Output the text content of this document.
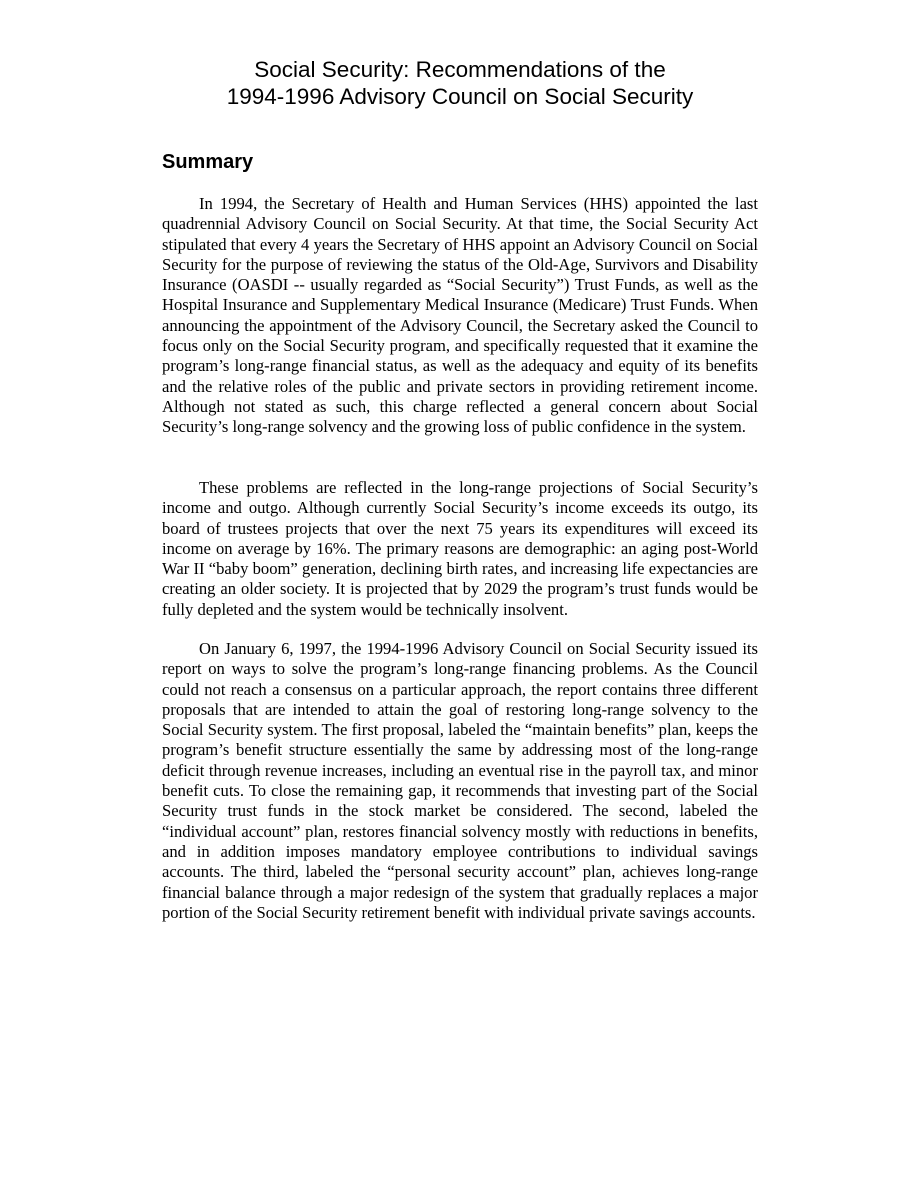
Social Security: Recommendations of the
1994-1996 Advisory Council on Social Security
Summary

In 1994, the Secretary of Health and Human Services (HHS) appointed the last quadrennial Advisory Council on Social Security. At that time, the Social Security Act stipulated that every 4 years the Secretary of HHS appoint an Advisory Council on Social Security for the purpose of reviewing the status of the Old-Age, Survivors and Disability Insurance (OASDI -- usually regarded as “Social Security”) Trust Funds, as well as the Hospital Insurance and Supplementary Medical Insurance (Medicare) Trust Funds. When announcing the appointment of the Advisory Council, the Secretary asked the Council to focus only on the Social Security program, and specifically requested that it examine the program’s long-range financial status, as well as the adequacy and equity of its benefits and the relative roles of the public and private sectors in providing retirement income. Although not stated as such, this charge reflected a general concern about Social Security’s long-range solvency and the growing loss of public confidence in the system.

These problems are reflected in the long-range projections of Social Security’s income and outgo. Although currently Social Security’s income exceeds its outgo, its board of trustees projects that over the next 75 years its expenditures will exceed its income on average by 16%. The primary reasons are demographic: an aging post-World War II “baby boom” generation, declining birth rates, and increasing life expectancies are creating an older society. It is projected that by 2029 the program’s trust funds would be fully depleted and the system would be technically insolvent.

On January 6, 1997, the 1994-1996 Advisory Council on Social Security issued its report on ways to solve the program’s long-range financing problems. As the Council could not reach a consensus on a particular approach, the report contains three different proposals that are intended to attain the goal of restoring long-range solvency to the Social Security system. The first proposal, labeled the “maintain benefits” plan, keeps the program’s benefit structure essentially the same by addressing most of the long-range deficit through revenue increases, including an eventual rise in the payroll tax, and minor benefit cuts. To close the remaining gap, it recommends that investing part of the Social Security trust funds in the stock market be considered. The second, labeled the “individual account” plan, restores financial solvency mostly with reductions in benefits, and in addition imposes mandatory employee contributions to individual savings accounts. The third, labeled the “personal security account” plan, achieves long-range financial balance through a major redesign of the system that gradually replaces a major portion of the Social Security retirement benefit with individual private savings accounts.
